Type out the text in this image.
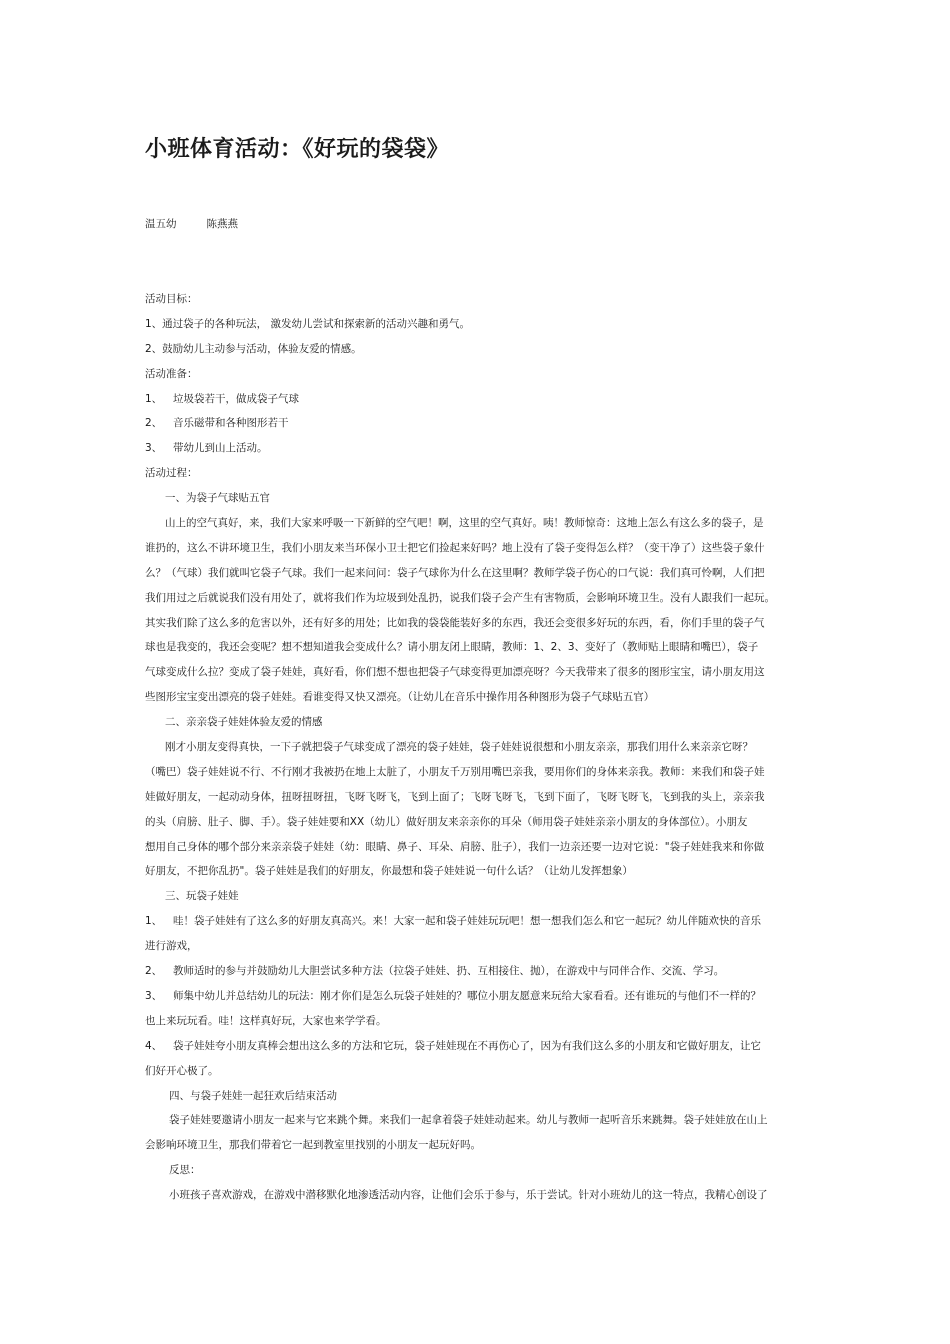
小班体育活动：《好玩的袋袋》
温五幼	陈燕燕
活动目标：
1、通过袋子的各种玩法， 激发幼儿尝试和探索新的活动兴趣和勇气。
2、鼓励幼儿主动参与活动，体验友爱的情感。
活动准备：
1、 垃圾袋若干，做成袋子气球
2、 音乐磁带和各种图形若干
3、 带幼儿到山上活动。
活动过程：
一、为袋子气球贴五官
山上的空气真好，来，我们大家来呼吸一下新鲜的空气吧！啊，这里的空气真好。咦！教师惊奇：这地上怎么有这么多的袋子，是
谁扔的，这么不讲环境卫生，我们小朋友来当环保小卫士把它们捡起来好吗？地上没有了袋子变得怎么样？（变干净了）这些袋子象什
么？（气球）我们就叫它袋子气球。我们一起来问问：袋子气球你为什么在这里啊？教师学袋子伤心的口气说：我们真可怜啊，人们把
我们用过之后就说我们没有用处了，就将我们作为垃圾到处乱扔，说我们袋子会产生有害物质，会影响环境卫生。没有人跟我们一起玩。
其实我们除了这么多的危害以外，还有好多的用处；比如我的袋袋能装好多的东西，我还会变很多好玩的东西，看，你们手里的袋子气
球也是我变的，我还会变呢？想不想知道我会变成什么？请小朋友闭上眼睛，教师：1、2、3、变好了（教师贴上眼睛和嘴巴），袋子
气球变成什么拉？变成了袋子娃娃，真好看，你们想不想也把袋子气球变得更加漂亮呀？今天我带来了很多的图形宝宝，请小朋友用这
些图形宝宝变出漂亮的袋子娃娃。看谁变得又快又漂亮。（让幼儿在音乐中操作用各种图形为袋子气球贴五官）
二、亲亲袋子娃娃体验友爱的情感
刚才小朋友变得真快，一下子就把袋子气球变成了漂亮的袋子娃娃，袋子娃娃说很想和小朋友亲亲，那我们用什么来亲亲它呀？
（嘴巴）袋子娃娃说不行、不行刚才我被扔在地上太脏了，小朋友千万别用嘴巴亲我，要用你们的身体来亲我。教师：来我们和袋子娃
娃做好朋友，一起动动身体，扭呀扭呀扭，飞呀飞呀飞，飞到上面了；飞呀飞呀飞，飞到下面了，飞呀飞呀飞，飞到我的头上，亲亲我
的头（肩膀、肚子、脚、手）。袋子娃娃要和XX（幼儿）做好朋友来亲亲你的耳朵（师用袋子娃娃亲亲小朋友的身体部位）。小朋友
想用自己身体的哪个部分来亲亲袋子娃娃（幼：眼睛、鼻子、耳朵、肩膀、肚子），我们一边亲还要一边对它说："袋子娃娃我来和你做
好朋友，不把你乱扔"。袋子娃娃是我们的好朋友，你最想和袋子娃娃说一句什么话？（让幼儿发挥想象）
三、玩袋子娃娃
1、 哇！袋子娃娃有了这么多的好朋友真高兴。来！大家一起和袋子娃娃玩玩吧！想一想我们怎么和它一起玩？幼儿伴随欢快的音乐
进行游戏，
2、 教师适时的参与并鼓励幼儿大胆尝试多种方法（拉袋子娃娃、扔、互相接住、抛），在游戏中与同伴合作、交流、学习。
3、 师集中幼儿并总结幼儿的玩法：刚才你们是怎么玩袋子娃娃的？哪位小朋友愿意来玩给大家看看。还有谁玩的与他们不一样的？
也上来玩玩看。哇！这样真好玩，大家也来学学看。
4、 袋子娃娃夸小朋友真棒会想出这么多的方法和它玩，袋子娃娃现在不再伤心了，因为有我们这么多的小朋友和它做好朋友，让它
们好开心极了。
四、与袋子娃娃一起狂欢后结束活动
袋子娃娃要邀请小朋友一起来与它来跳个舞。来我们一起拿着袋子娃娃动起来。幼儿与教师一起听音乐来跳舞。袋子娃娃放在山上
会影响环境卫生，那我们带着它一起到教室里找别的小朋友一起玩好吗。
反思：
小班孩子喜欢游戏，在游戏中潜移默化地渗透活动内容，让他们会乐于参与，乐于尝试。针对小班幼儿的这一特点，我精心创设了
